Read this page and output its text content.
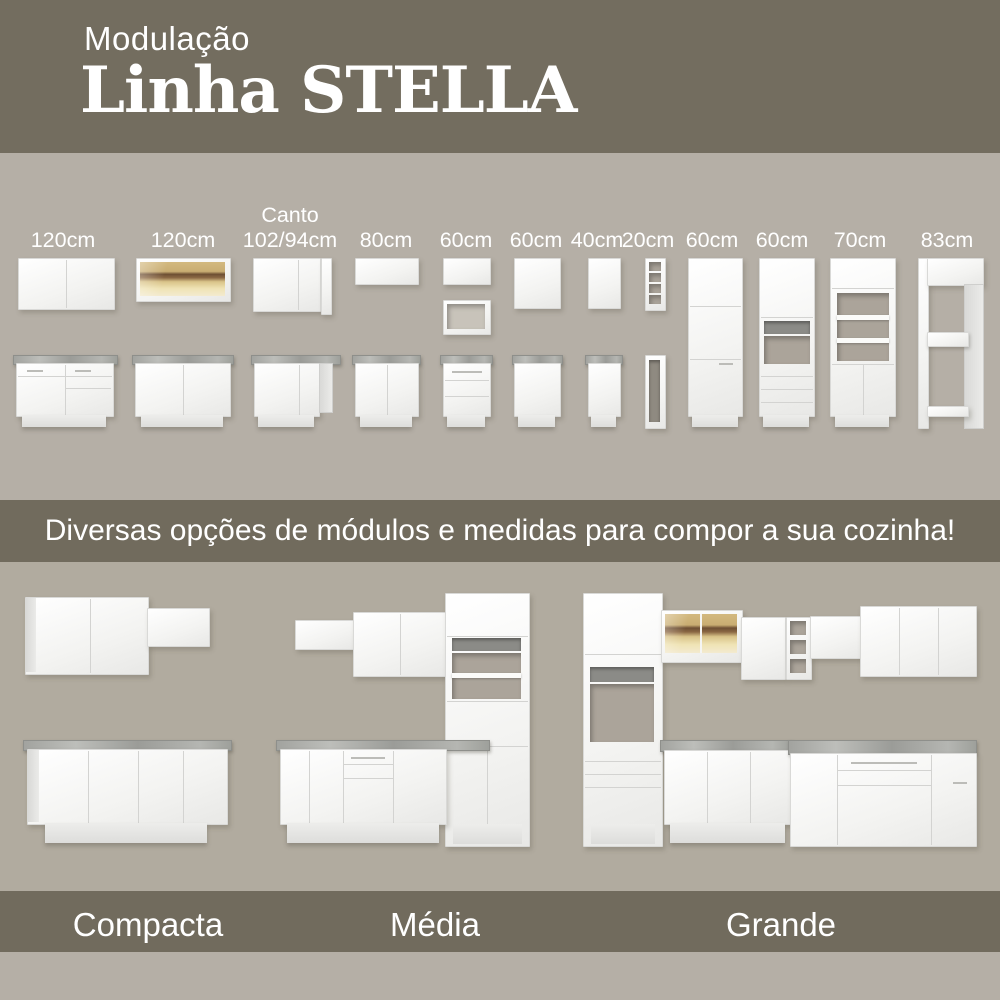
Modulação
Linha STELLA
120cm	120cm
Canto
102/94cm	80cm	60cm 60cm 40cm
20cm 60cm 60cm	70cm	83cm
Diversas opções de módulos e medidas para compor a sua cozinha!
Compacta	Média	Grande
